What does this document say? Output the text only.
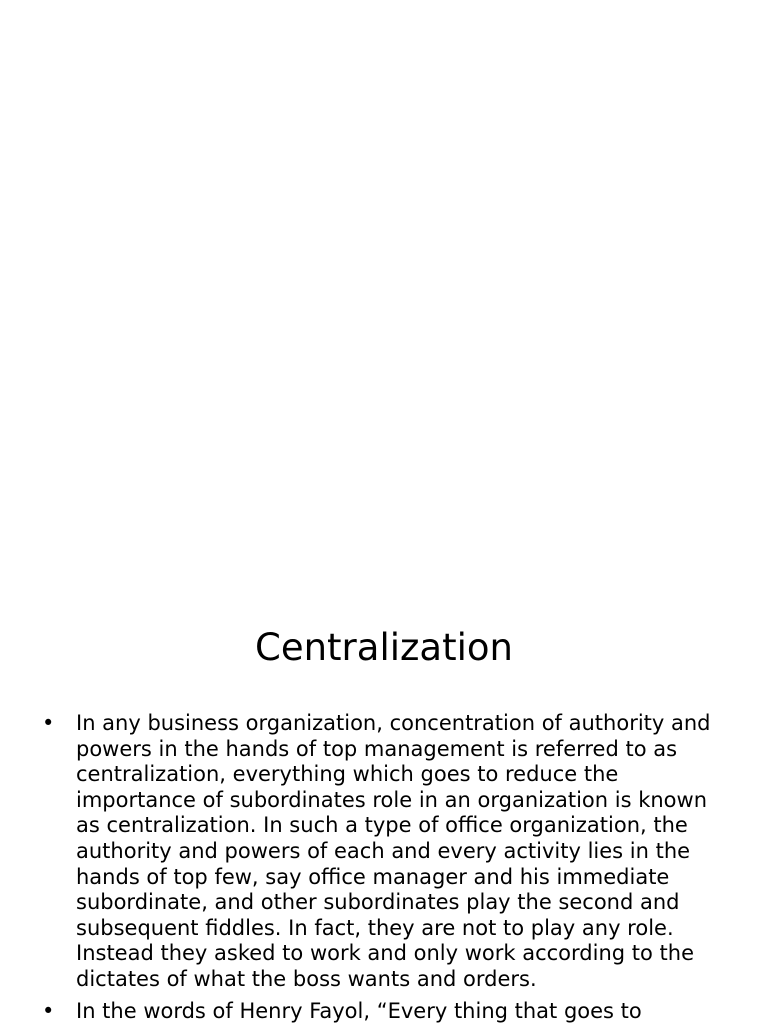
Centralization
• In any business organization, concentration of authority and
powers in the hands of top management is referred to as
centralization, everything which goes to reduce the
importance of subordinates role in an organization is known
as centralization. In such a type of office organization, the
authority and powers of each and every activity lies in the
hands of top few, say office manager and his immediate
subordinate, and other subordinates play the second and
subsequent fiddles. In fact, they are not to play any role.
Instead they asked to work and only work according to the
dictates of what the boss wants and orders.
• In the words of Henry Fayol, “Every thing that goes to
